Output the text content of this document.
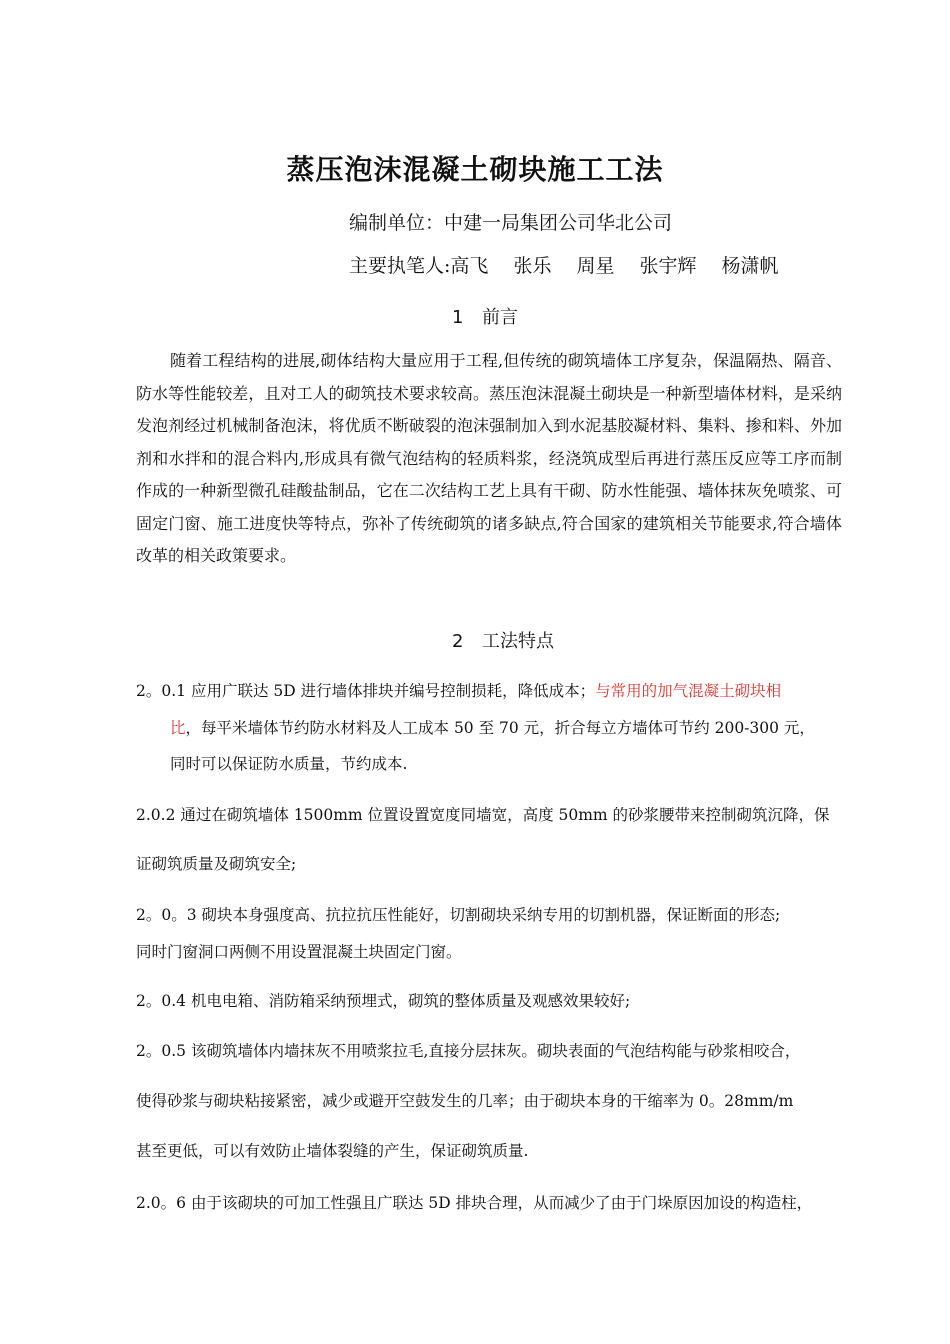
蒸压泡沫混凝土砌块施工工法
编制单位：中建一局集团公司华北公司
主要执笔人:高飞　 张乐　 周星　 张宇辉　 杨潇帆
1 前言
随着工程结构的进展,砌体结构大量应用于工程,但传统的砌筑墙体工序复杂，保温隔热、隔音、防水等性能较差，且对工人的砌筑技术要求较高。蒸压泡沫混凝土砌块是一种新型墙体材料，是采纳发泡剂经过机械制备泡沫，将优质不断破裂的泡沫强制加入到水泥基胶凝材料、集料、掺和料、外加剂和水拌和的混合料内,形成具有微气泡结构的轻质料浆，经浇筑成型后再进行蒸压反应等工序而制作成的一种新型微孔硅酸盐制品，它在二次结构工艺上具有干砌、防水性能强、墙体抹灰免喷浆、可固定门窗、施工进度快等特点，弥补了传统砌筑的诸多缺点,符合国家的建筑相关节能要求,符合墙体改革的相关政策要求。
2 工法特点
2。0.1 应用广联达 5D 进行墙体排块并编号控制损耗，降低成本；与常用的加气混凝土砌块相
比，每平米墙体节约防水材料及人工成本 50 至 70 元，折合每立方墙体可节约 200-300 元，
同时可以保证防水质量，节约成本.
2.0.2 通过在砌筑墙体 1500mm 位置设置宽度同墙宽，高度 50mm 的砂浆腰带来控制砌筑沉降，保
证砌筑质量及砌筑安全;
2。0。3 砌块本身强度高、抗拉抗压性能好，切割砌块采纳专用的切割机器，保证断面的形态;
同时门窗洞口两侧不用设置混凝土块固定门窗。
2。0.4 机电电箱、消防箱采纳预埋式，砌筑的整体质量及观感效果较好;
2。0.5 该砌筑墙体内墙抹灰不用喷浆拉毛,直接分层抹灰。砌块表面的气泡结构能与砂浆相咬合，
使得砂浆与砌块粘接紧密，减少或避开空鼓发生的几率；由于砌块本身的干缩率为 0。28mm/m
甚至更低，可以有效防止墙体裂缝的产生，保证砌筑质量.
2.0。6 由于该砌块的可加工性强且广联达 5D 排块合理，从而减少了由于门垛原因加设的构造柱，
